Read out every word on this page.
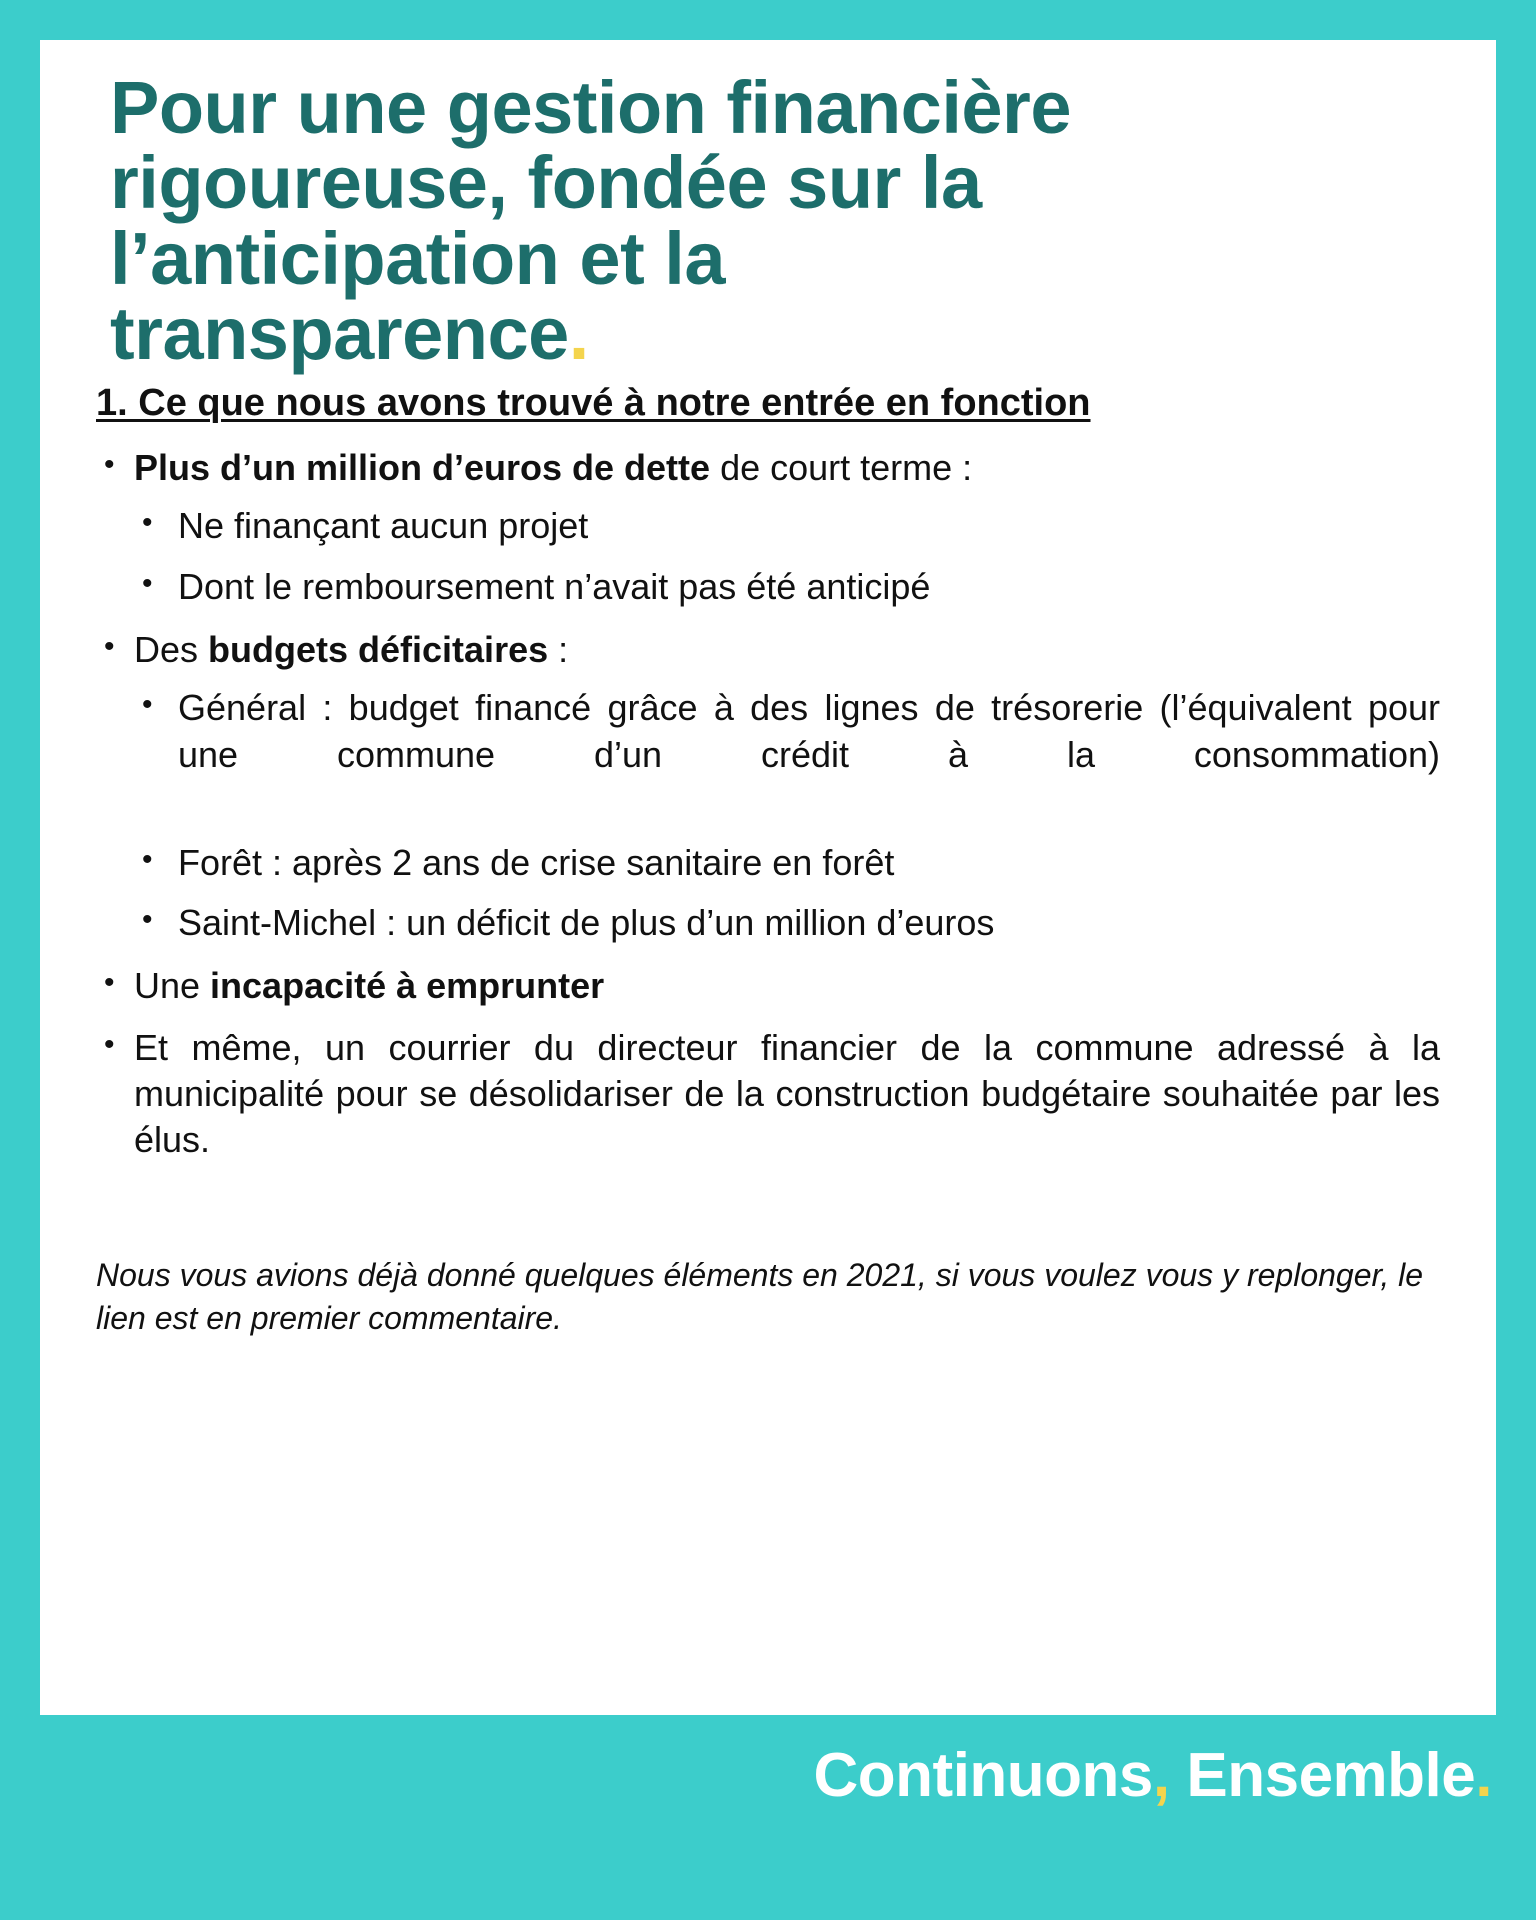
Pour une gestion financière rigoureuse, fondée sur la l’anticipation et la transparence.
1. Ce que nous avons trouvé à notre entrée en fonction
• Plus d’un million d’euros de dette de court terme :
• Ne finançant aucun projet
• Dont le remboursement n’avait pas été anticipé
• Des budgets déficitaires :
• Général : budget financé grâce à des lignes de trésorerie (l’équivalent pour une commune d’un crédit à la consommation)
• Forêt : après 2 ans de crise sanitaire en forêt
• Saint-Michel : un déficit de plus d’un million d’euros
• Une incapacité à emprunter
• Et même, un courrier du directeur financier de la commune adressé à la municipalité pour se désolidariser de la construction budgétaire souhaitée par les élus.

Nous vous avions déjà donné quelques éléments en 2021, si vous voulez vous y replonger, le lien est en premier commentaire.

Continuons, Ensemble.
